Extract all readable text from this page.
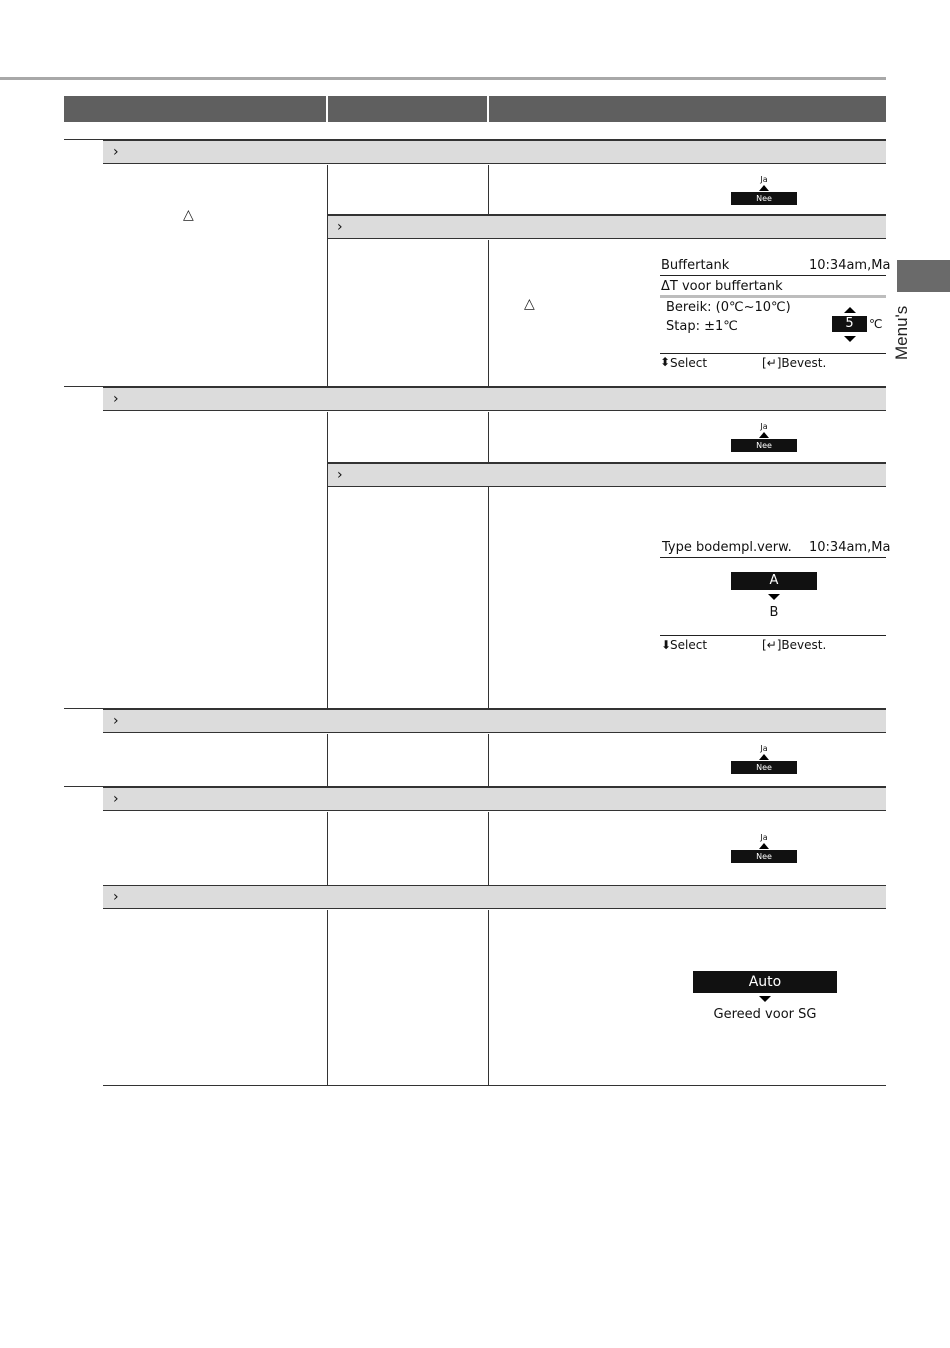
Menu's
›
›
△
△
Ja
Nee
Buffertank	10:34am,Ma
ΔT voor buffertank
Bereik: (0℃~10℃)
Stap: ±1℃	5	℃
⬍ Select	[↵]Bevest.
›
Ja
Nee
›
Type bodempl.verw. 10:34am,Ma
A
B
⬇
Select	[↵]Bevest.
›
Ja
Nee
›
Ja
Nee
›
Auto
Gereed voor SG
